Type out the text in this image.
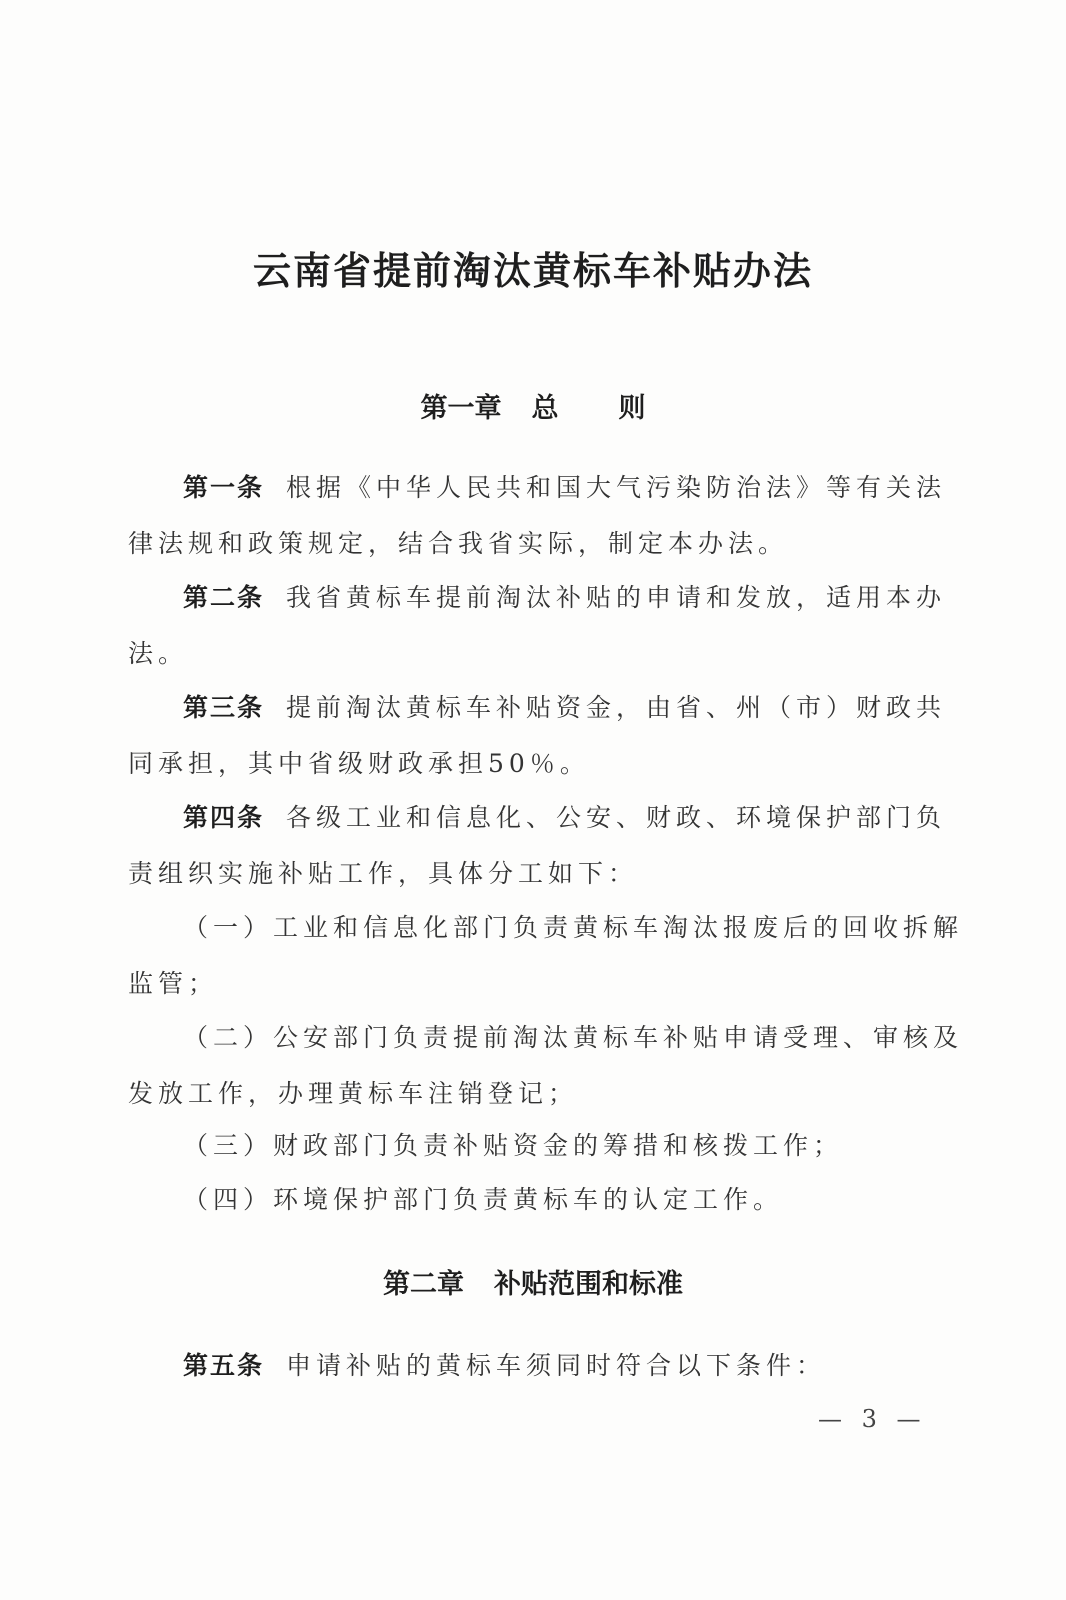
云南省提前淘汰黄标车补贴办法
第一章 总 则
第一条 根据《中华人民共和国大气污染防治法》等有关法
律法规和政策规定，结合我省实际，制定本办法。
第二条 我省黄标车提前淘汰补贴的申请和发放，适用本办
法。
第三条 提前淘汰黄标车补贴资金，由省、州（市）财政共
同承担，其中省级财政承担50％。
第四条 各级工业和信息化、公安、财政、环境保护部门负
责组织实施补贴工作，具体分工如下：
（一）工业和信息化部门负责黄标车淘汰报废后的回收拆解
监管；
（二）公安部门负责提前淘汰黄标车补贴申请受理、审核及
发放工作，办理黄标车注销登记；
（三）财政部门负责补贴资金的筹措和核拨工作；
（四）环境保护部门负责黄标车的认定工作。
第二章 补贴范围和标准
第五条 申请补贴的黄标车须同时符合以下条件：
— 3 —
